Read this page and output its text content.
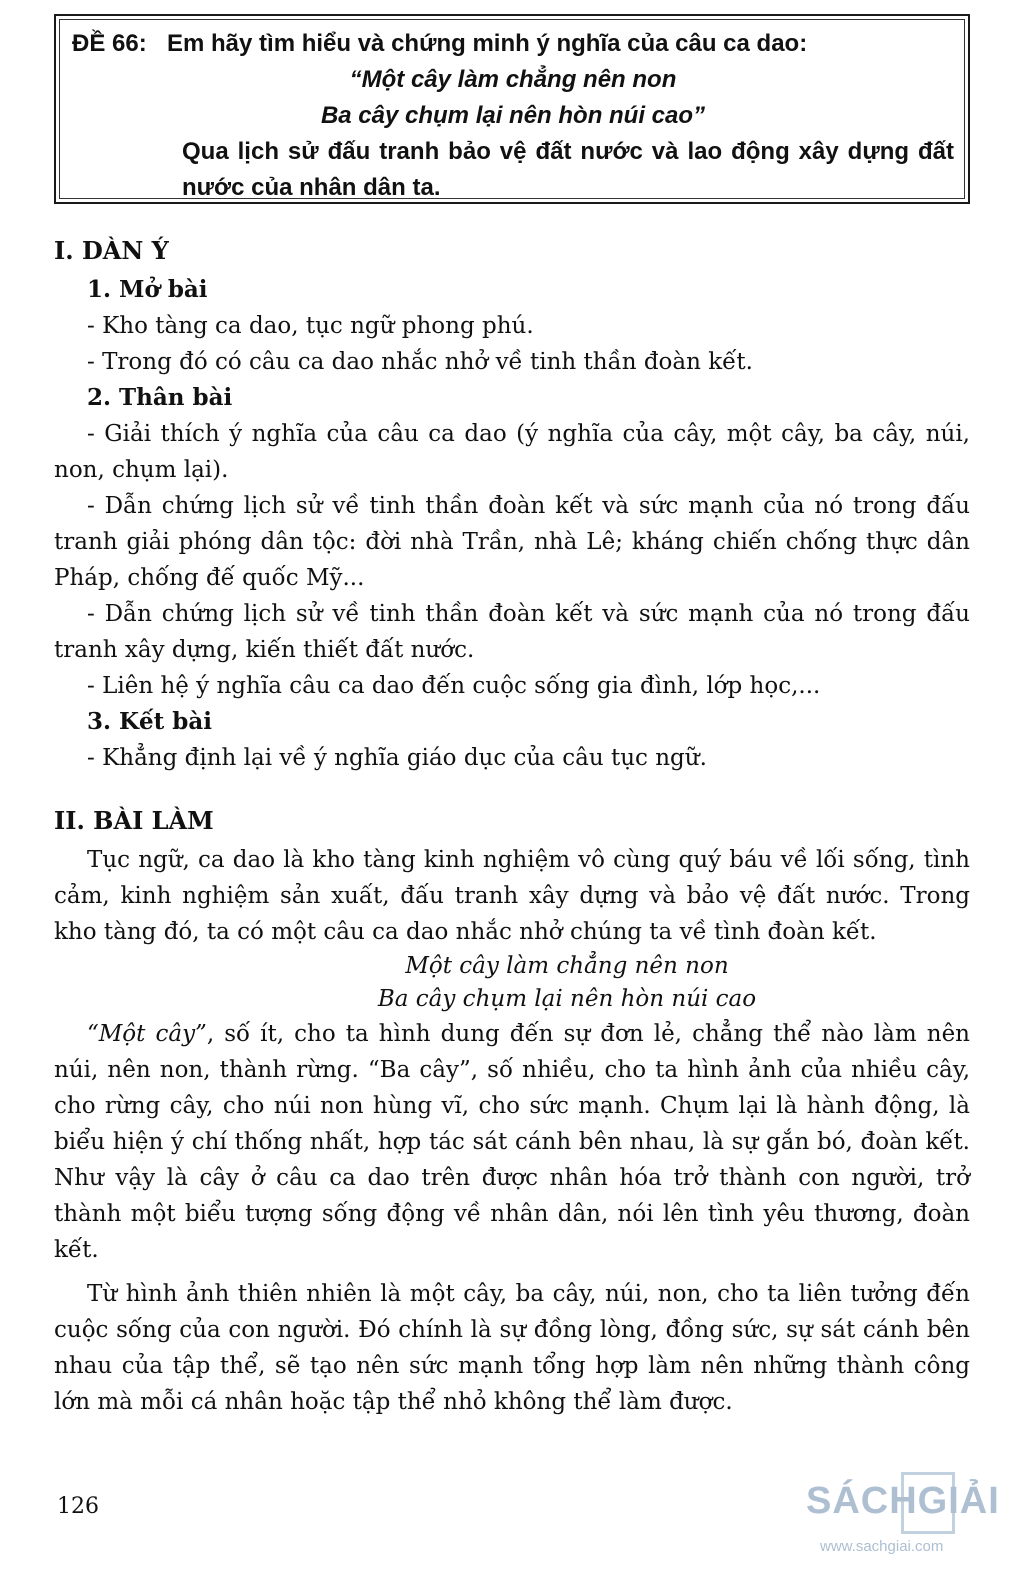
ĐỀ 66: Em hãy tìm hiểu và chứng minh ý nghĩa của câu ca dao:
“Một cây làm chẳng nên non
Ba cây chụm lại nên hòn núi cao”
Qua lịch sử đấu tranh bảo vệ đất nước và lao động xây dựng đất nước của nhân dân ta.
I. DÀN Ý
1. Mở bài
- Kho tàng ca dao, tục ngữ phong phú.
- Trong đó có câu ca dao nhắc nhở về tinh thần đoàn kết.
2. Thân bài
- Giải thích ý nghĩa của câu ca dao (ý nghĩa của cây, một cây, ba cây, núi, non, chụm lại).
- Dẫn chứng lịch sử về tinh thần đoàn kết và sức mạnh của nó trong đấu tranh giải phóng dân tộc: đời nhà Trần, nhà Lê; kháng chiến chống thực dân Pháp, chống đế quốc Mỹ...
- Dẫn chứng lịch sử về tinh thần đoàn kết và sức mạnh của nó trong đấu tranh xây dựng, kiến thiết đất nước.
- Liên hệ ý nghĩa câu ca dao đến cuộc sống gia đình, lớp học,...
3. Kết bài
- Khẳng định lại về ý nghĩa giáo dục của câu tục ngữ.
II. BÀI LÀM
Tục ngữ, ca dao là kho tàng kinh nghiệm vô cùng quý báu về lối sống, tình cảm, kinh nghiệm sản xuất, đấu tranh xây dựng và bảo vệ đất nước. Trong kho tàng đó, ta có một câu ca dao nhắc nhở chúng ta về tình đoàn kết.
Một cây làm chẳng nên non
Ba cây chụm lại nên hòn núi cao
“Một cây”, số ít, cho ta hình dung đến sự đơn lẻ, chẳng thể nào làm nên núi, nên non, thành rừng. “Ba cây”, số nhiều, cho ta hình ảnh của nhiều cây, cho rừng cây, cho núi non hùng vĩ, cho sức mạnh. Chụm lại là hành động, là biểu hiện ý chí thống nhất, hợp tác sát cánh bên nhau, là sự gắn bó, đoàn kết. Như vậy là cây ở câu ca dao trên được nhân hóa trở thành con người, trở thành một biểu tượng sống động về nhân dân, nói lên tình yêu thương, đoàn kết.
Từ hình ảnh thiên nhiên là một cây, ba cây, núi, non, cho ta liên tưởng đến cuộc sống của con người. Đó chính là sự đồng lòng, đồng sức, sự sát cánh bên nhau của tập thể, sẽ tạo nên sức mạnh tổng hợp làm nên những thành công lớn mà mỗi cá nhân hoặc tập thể nhỏ không thể làm được.
126	SÁCHGIẢI
www.sachgiai.com
